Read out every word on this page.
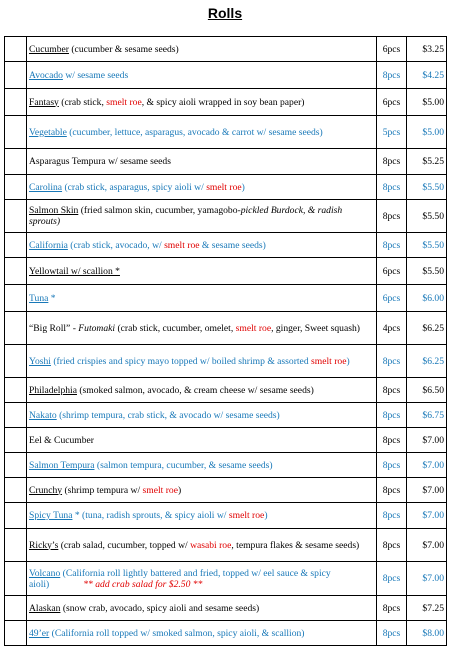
Rolls
	Cucumber (cucumber & sesame seeds)	6pcs	$3.25
	Avocado w/ sesame seeds	8pcs	$4.25
	Fantasy (crab stick, smelt roe, & spicy aioli wrapped in soy bean paper)	6pcs	$5.00
	Vegetable (cucumber, lettuce, asparagus, avocado & carrot w/ sesame seeds)	5pcs	$5.00
	Asparagus Tempura w/ sesame seeds	8pcs	$5.25
	Carolina (crab stick, asparagus, spicy aioli w/ smelt roe)	8pcs	$5.50
	Salmon Skin (fried salmon skin, cucumber, yamagobo-pickled Burdock, & radish sprouts)	8pcs	$5.50
	California (crab stick, avocado, w/ smelt roe & sesame seeds)	8pcs	$5.50
	Yellowtail w/ scallion *	6pcs	$5.50
	Tuna *	6pcs	$6.00
	“Big Roll” - Futomaki (crab stick, cucumber, omelet, smelt roe, ginger, Sweet squash)	4pcs	$6.25
	Yoshi (fried crispies and spicy mayo topped w/ boiled shrimp & assorted smelt roe)	8pcs	$6.25
	Philadelphia (smoked salmon, avocado, & cream cheese w/ sesame seeds)	8pcs	$6.50
	Nakato (shrimp tempura, crab stick, & avocado w/ sesame seeds)	8pcs	$6.75
	Eel & Cucumber	8pcs	$7.00
	Salmon Tempura (salmon tempura, cucumber, & sesame seeds)	8pcs	$7.00
	Crunchy (shrimp tempura w/ smelt roe)	8pcs	$7.00
	Spicy Tuna * (tuna, radish sprouts, & spicy aioli w/ smelt roe)	8pcs	$7.00
	Ricky’s (crab salad, cucumber, topped w/ wasabi roe, tempura flakes & sesame seeds)	8pcs	$7.00
	Volcano (California roll lightly battered and fried, topped w/ eel sauce & spicy aioli) ** add crab salad for $2.50 **	8pcs	$7.00
	Alaskan (snow crab, avocado, spicy aioli and sesame seeds)	8pcs	$7.25
	49’er (California roll topped w/ smoked salmon, spicy aioli, & scallion)	8pcs	$8.00
